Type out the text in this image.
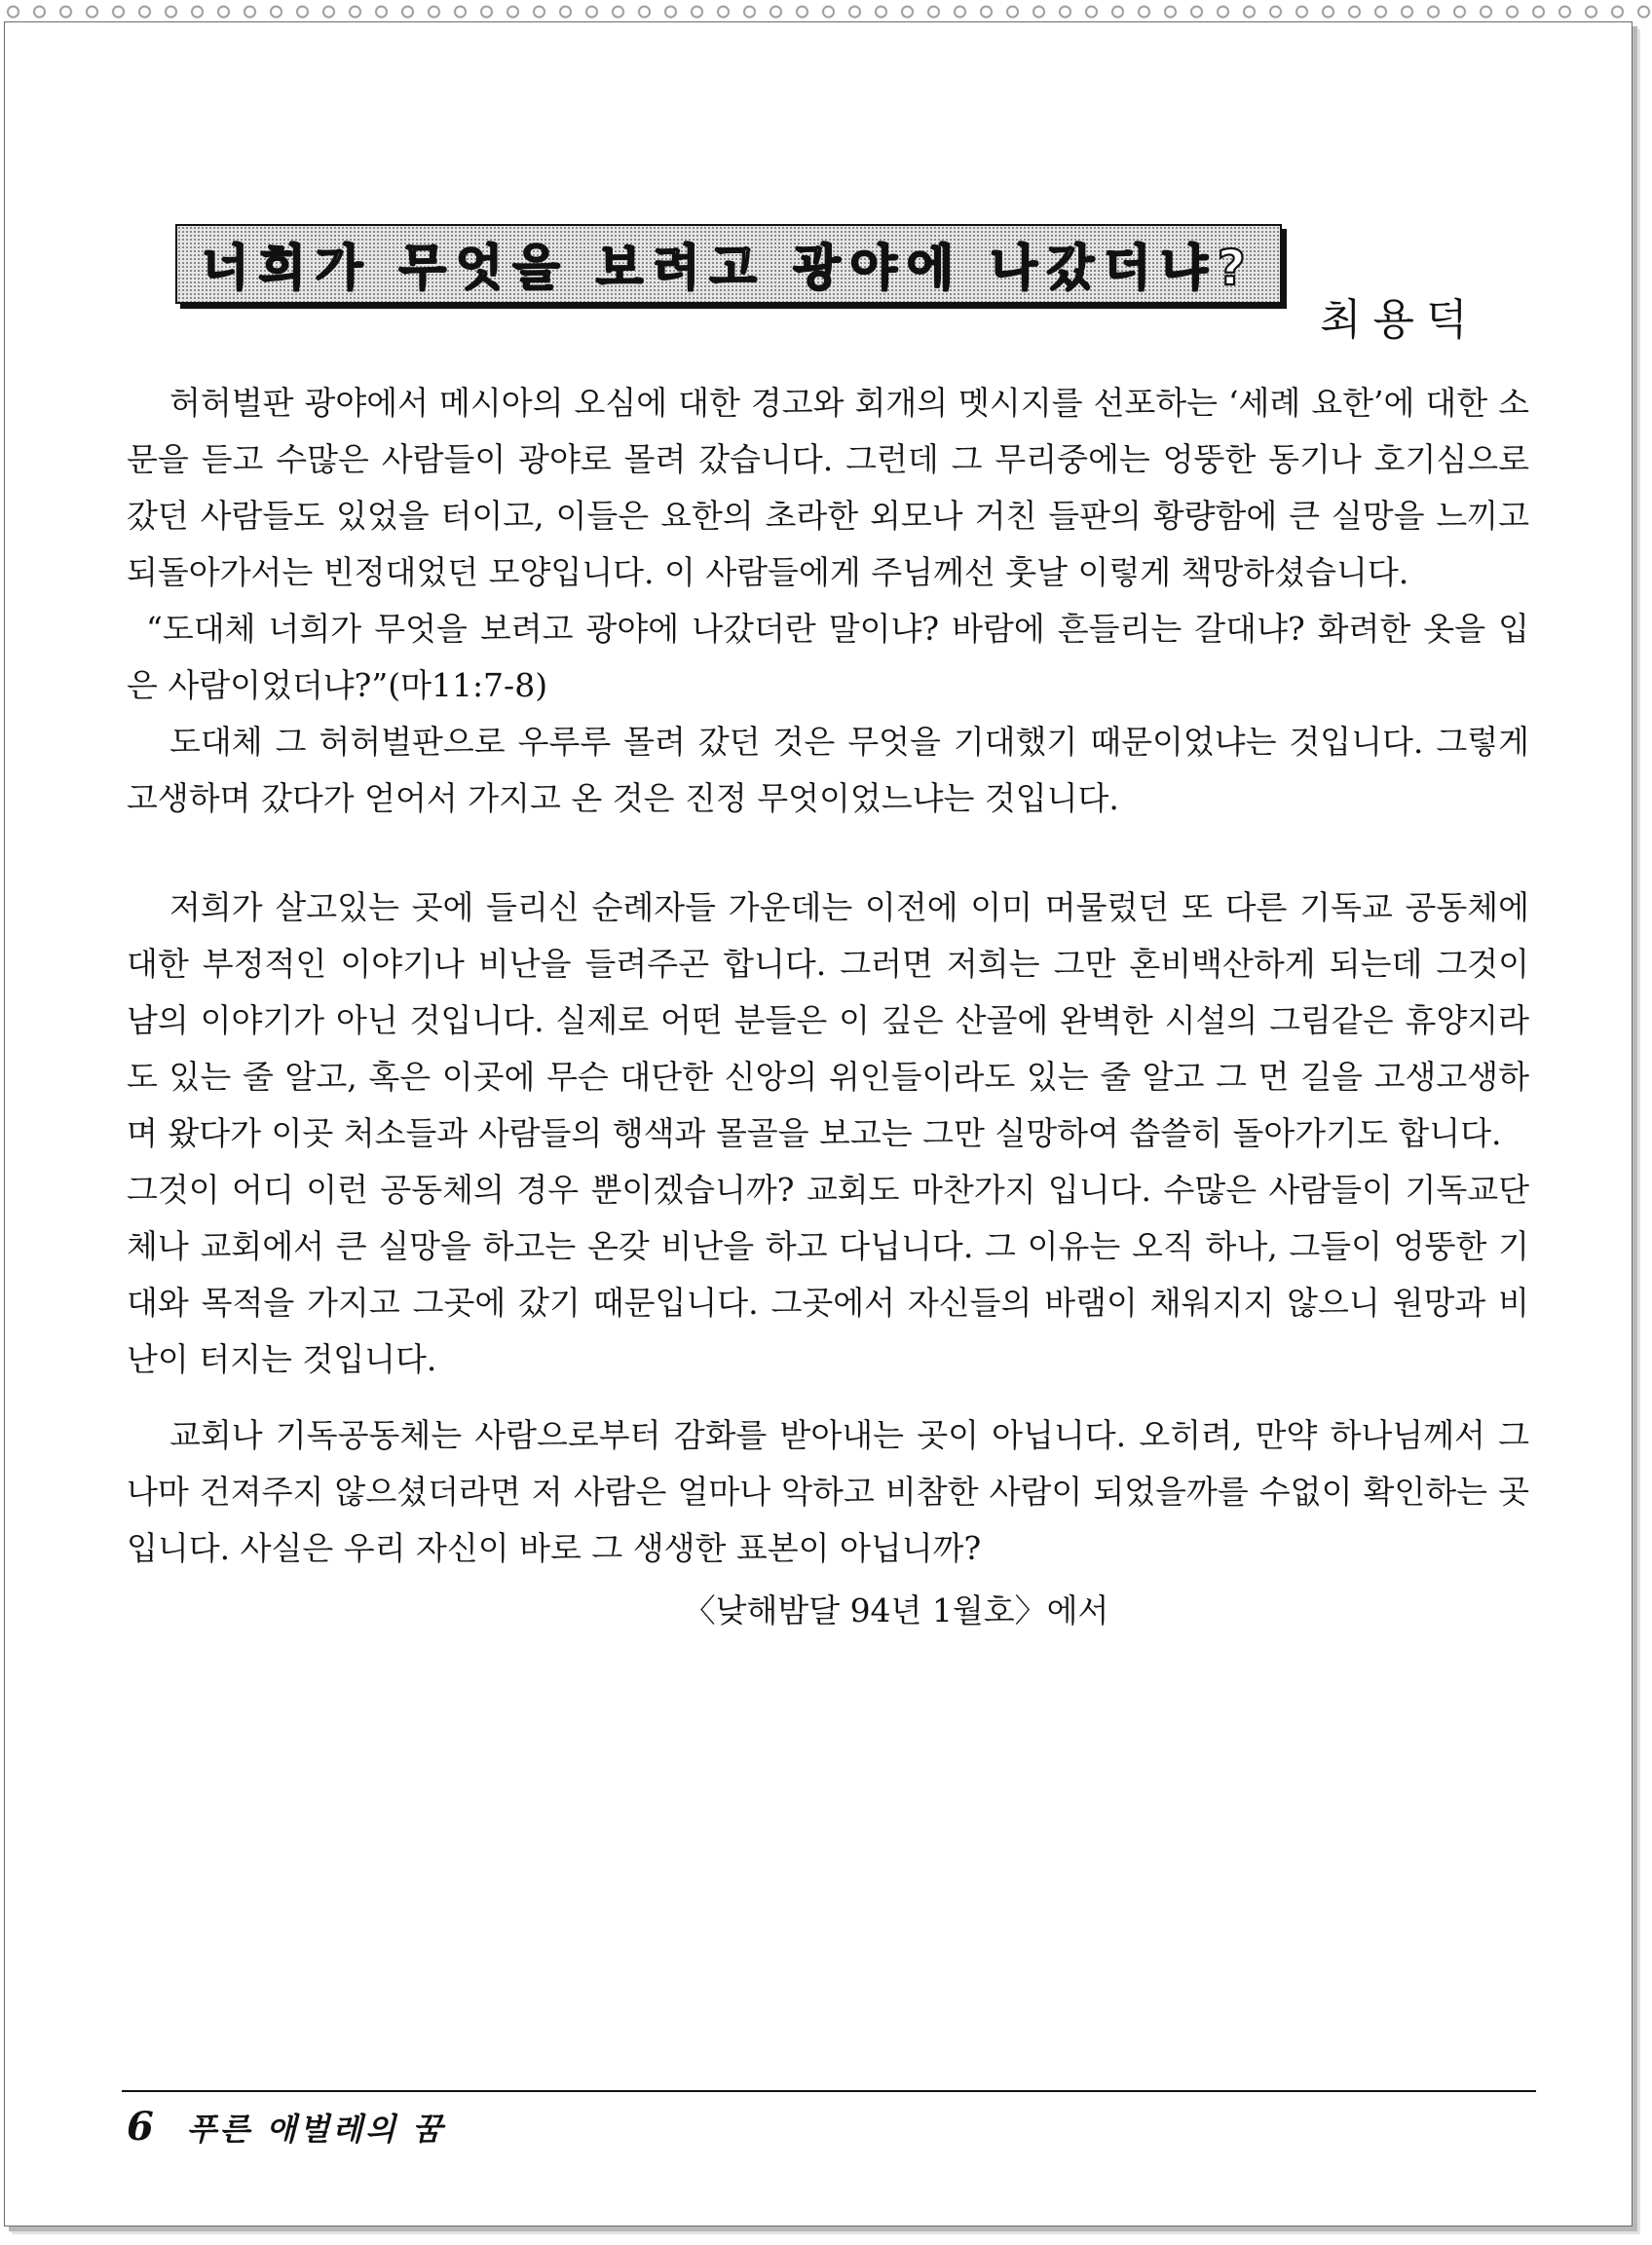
너희가 무엇을 보려고 광야에 나갔더냐?
최용덕

허허벌판 광야에서 메시아의 오심에 대한 경고와 회개의 멧시지를 선포하는 ‘세례 요한’에 대한 소문을 듣고 수많은 사람들이 광야로 몰려 갔습니다. 그런데 그 무리중에는 엉뚱한 동기나 호기심으로 갔던 사람들도 있었을 터이고, 이들은 요한의 초라한 외모나 거친 들판의 황량함에 큰 실망을 느끼고 되돌아가서는 빈정대었던 모양입니다. 이 사람들에게 주님께선 훗날 이렇게 책망하셨습니다.

“도대체 너희가 무엇을 보려고 광야에 나갔더란 말이냐? 바람에 흔들리는 갈대냐? 화려한 옷을 입은 사람이었더냐?”(마11:7-8)

도대체 그 허허벌판으로 우루루 몰려 갔던 것은 무엇을 기대했기 때문이었냐는 것입니다. 그렇게 고생하며 갔다가 얻어서 가지고 온 것은 진정 무엇이었느냐는 것입니다.

저희가 살고있는 곳에 들리신 순례자들 가운데는 이전에 이미 머물렀던 또 다른 기독교 공동체에 대한 부정적인 이야기나 비난을 들려주곤 합니다. 그러면 저희는 그만 혼비백산하게 되는데 그것이 남의 이야기가 아닌 것입니다. 실제로 어떤 분들은 이 깊은 산골에 완벽한 시설의 그림같은 휴양지라도 있는 줄 알고, 혹은 이곳에 무슨 대단한 신앙의 위인들이라도 있는 줄 알고 그 먼 길을 고생고생하며 왔다가 이곳 처소들과 사람들의 행색과 몰골을 보고는 그만 실망하여 씁쓸히 돌아가기도 합니다.

그것이 어디 이런 공동체의 경우 뿐이겠습니까? 교회도 마찬가지 입니다. 수많은 사람들이 기독교단체나 교회에서 큰 실망을 하고는 온갖 비난을 하고 다닙니다. 그 이유는 오직 하나, 그들이 엉뚱한 기대와 목적을 가지고 그곳에 갔기 때문입니다. 그곳에서 자신들의 바램이 채워지지 않으니 원망과 비난이 터지는 것입니다.

교회나 기독공동체는 사람으로부터 감화를 받아내는 곳이 아닙니다. 오히려, 만약 하나님께서 그나마 건져주지 않으셨더라면 저 사람은 얼마나 악하고 비참한 사람이 되었을까를 수없이 확인하는 곳입니다. 사실은 우리 자신이 바로 그 생생한 표본이 아닙니까?

〈낮해밤달 94년 1월호〉에서

6 푸른 애벌레의 꿈
